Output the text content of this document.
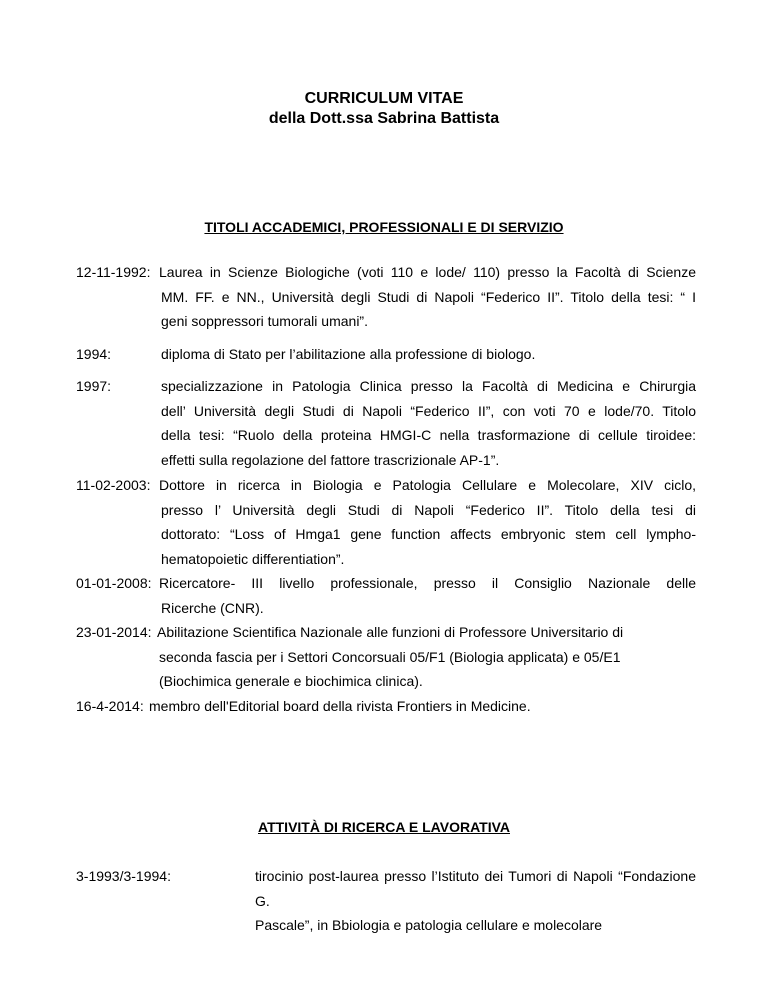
CURRICULUM VITAE
della Dott.ssa Sabrina Battista
TITOLI ACCADEMICI, PROFESSIONALI E DI SERVIZIO
12-11-1992: Laurea in Scienze Biologiche (voti 110 e lode/ 110) presso la Facoltà di Scienze
MM. FF. e NN., Università degli Studi di Napoli “Federico II”. Titolo della tesi: “ I
geni soppressori tumorali umani”.
1994:	diploma di Stato per l’abilitazione alla professione di biologo.
1997:	specializzazione in Patologia Clinica presso la Facoltà di Medicina e Chirurgia
dell’ Università degli Studi di Napoli “Federico II”, con voti 70 e lode/70. Titolo
della tesi: “Ruolo della proteina HMGI-C nella trasformazione di cellule tiroidee:
effetti sulla regolazione del fattore trascrizionale AP-1”.
11-02-2003: Dottore in ricerca in Biologia e Patologia Cellulare e Molecolare, XIV ciclo,
presso l’ Università degli Studi di Napoli “Federico II”. Titolo della tesi di
dottorato: “Loss of Hmga1 gene function affects embryonic stem cell lympho-
hematopoietic differentiation”.
01-01-2008: Ricercatore- III livello professionale, presso il Consiglio Nazionale delle
Ricerche (CNR).
23-01-2014: Abilitazione Scientifica Nazionale alle funzioni di Professore Universitario di
seconda fascia per i Settori Concorsuali 05/F1 (Biologia applicata) e 05/E1
(Biochimica generale e biochimica clinica).
16-4-2014: membro dell'Editorial board della rivista Frontiers in Medicine.
ATTIVITÀ DI RICERCA E LAVORATIVA
3-1993/3-1994:	tirocinio post-laurea presso l’Istituto dei Tumori di Napoli “Fondazione G.
Pascale”, in Bbiologia e patologia cellulare e molecolare
